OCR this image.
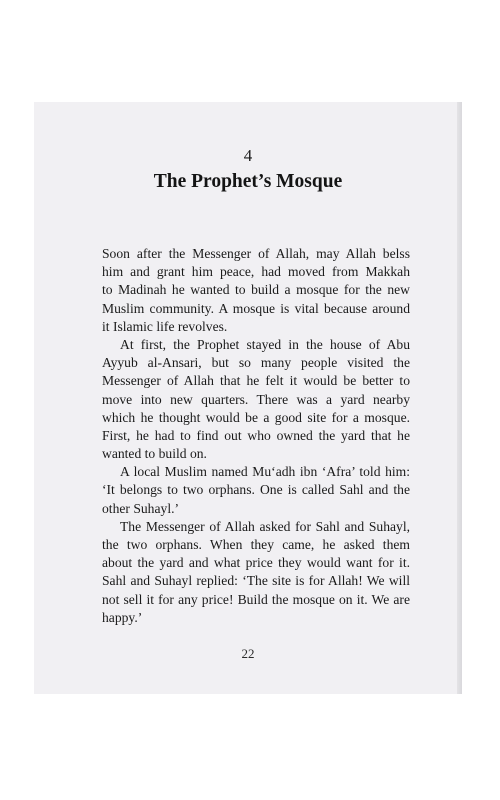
4
The Prophet’s Mosque
Soon after the Messenger of Allah, may Allah belss
him and grant him peace, had moved from Makkah
to Madinah he wanted to build a mosque for the new
Muslim community. A mosque is vital because around
it Islamic life revolves.
At first, the Prophet stayed in the house of Abu
Ayyub al-Ansari, but so many people visited the
Messenger of Allah that he felt it would be better to
move into new quarters. There was a yard nearby
which he thought would be a good site for a mosque.
First, he had to find out who owned the yard that he
wanted to build on.
A local Muslim named Mu‘adh ibn ‘Afra’ told him:
‘It belongs to two orphans. One is called Sahl and the
other Suhayl.’
The Messenger of Allah asked for Sahl and Suhayl,
the two orphans. When they came, he asked them
about the yard and what price they would want for it.
Sahl and Suhayl replied: ‘The site is for Allah! We will
not sell it for any price! Build the mosque on it. We are
happy.’
22
